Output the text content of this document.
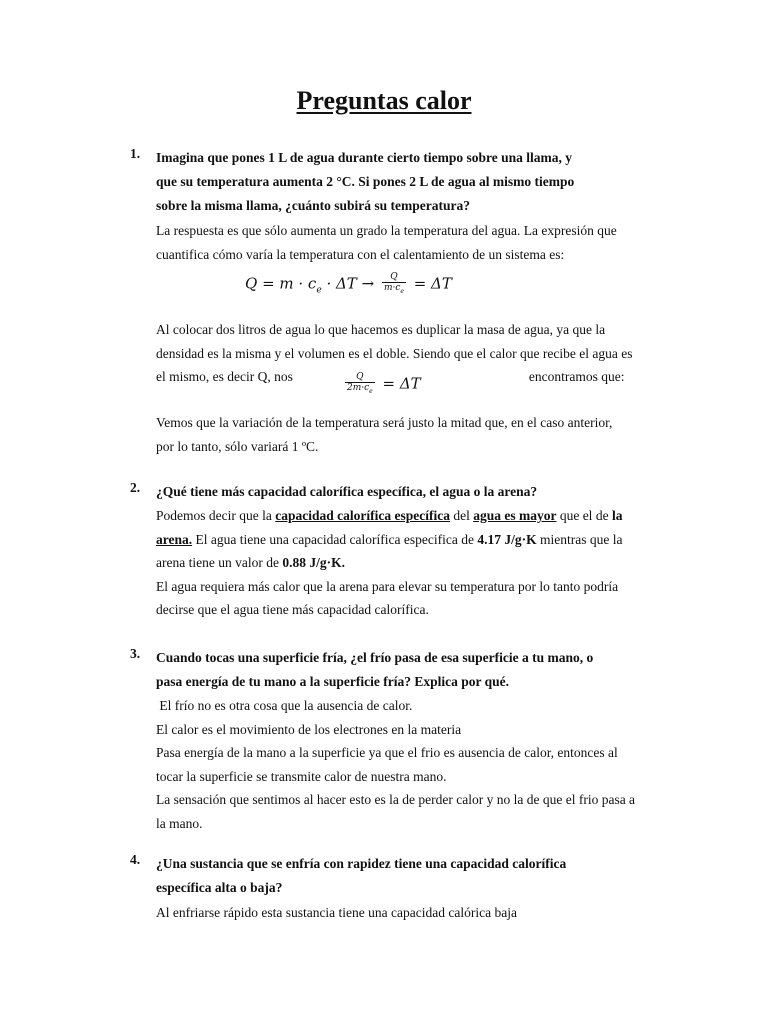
Preguntas calor
1. Imagina que pones 1 L de agua durante cierto tiempo sobre una llama, y
que su temperatura aumenta 2 °C. Si pones 2 L de agua al mismo tiempo
sobre la misma llama, ¿cuánto subirá su temperatura?
La respuesta es que sólo aumenta un grado la temperatura del agua. La expresión que
cuantifica cómo varía la temperatura con el calentamiento de un sistema es:
$Q = m \cdot c_e \cdot \Delta T \to \frac{Q}{m\cdot c_e} = \Delta T$
Al colocar dos litros de agua lo que hacemos es duplicar la masa de agua, ya que la
densidad es la misma y el volumen es el doble. Siendo que el calor que recibe el agua es
el mismo, es decir Q, nos	encontramos que:
$\frac{Q}{2m\cdot c_e} = \Delta T$
Vemos que la variación de la temperatura será justo la mitad que, en el caso anterior,
por lo tanto, sólo variará 1 ºC.
2. ¿Qué tiene más capacidad calorífica específica, el agua o la arena?
Podemos decir que la capacidad calorífica específica del agua es mayor que el de la
arena. El agua tiene una capacidad calorífica especifica de 4.17 J/g·K mientras que la
arena tiene un valor de 0.88 J/g·K.
El agua requiera más calor que la arena para elevar su temperatura por lo tanto podría
decirse que el agua tiene más capacidad calorífica.
3. Cuando tocas una superficie fría, ¿el frío pasa de esa superficie a tu mano, o
pasa energía de tu mano a la superficie fría? Explica por qué.
El frío no es otra cosa que la ausencia de calor.
El calor es el movimiento de los electrones en la materia
Pasa energía de la mano a la superficie ya que el frio es ausencia de calor, entonces al
tocar la superficie se transmite calor de nuestra mano.
La sensación que sentimos al hacer esto es la de perder calor y no la de que el frio pasa a
la mano.
4. ¿Una sustancia que se enfría con rapidez tiene una capacidad calorífica
específica alta o baja?
Al enfriarse rápido esta sustancia tiene una capacidad calórica baja
